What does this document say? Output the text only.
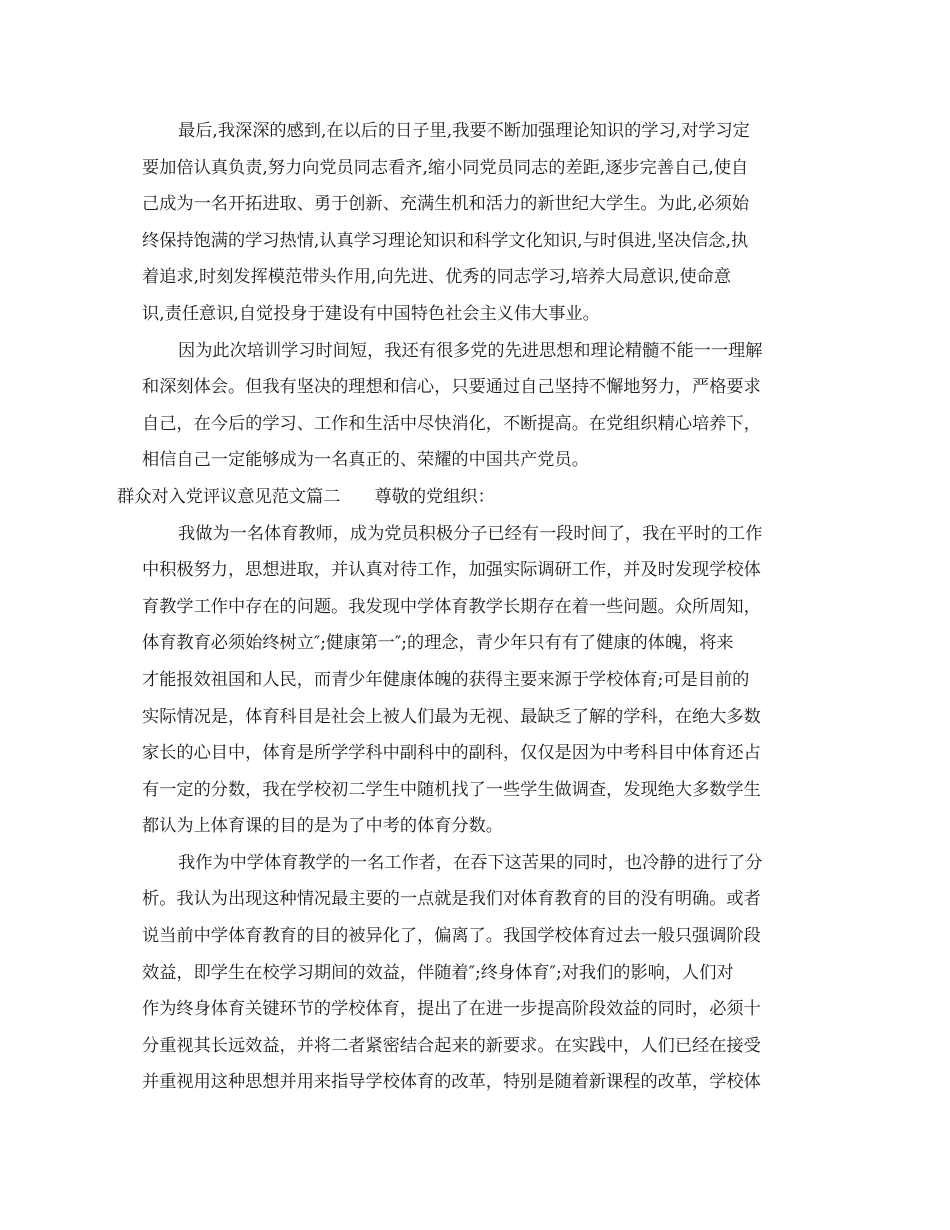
最后,我深深的感到,在以后的日子里,我要不断加强理论知识的学习,对学习定
要加倍认真负责,努力向党员同志看齐,缩小同党员同志的差距,逐步完善自己,使自
己成为一名开拓进取、勇于创新、充满生机和活力的新世纪大学生。为此,必须始
终保持饱满的学习热情,认真学习理论知识和科学文化知识,与时俱进,坚决信念,执
着追求,时刻发挥模范带头作用,向先进、优秀的同志学习,培养大局意识,使命意
识,责任意识,自觉投身于建设有中国特色社会主义伟大事业。
因为此次培训学习时间短，我还有很多党的先进思想和理论精髓不能一一理解
和深刻体会。但我有坚决的理想和信心，只要通过自己坚持不懈地努力，严格要求
自己，在今后的学习、工作和生活中尽快消化，不断提高。在党组织精心培养下，
相信自己一定能够成为一名真正的、荣耀的中国共产党员。
群众对入党评议意见范文篇二 尊敬的党组织：
我做为一名体育教师，成为党员积极分子已经有一段时间了，我在平时的工作
中积极努力，思想进取，并认真对待工作，加强实际调研工作，并及时发现学校体
育教学工作中存在的问题。我发现中学体育教学长期存在着一些问题。众所周知，
体育教育必须始终树立″;健康第一″;的理念，青少年只有有了健康的体魄，将来
才能报效祖国和人民，而青少年健康体魄的获得主要来源于学校体育;可是目前的
实际情况是，体育科目是社会上被人们最为无视、最缺乏了解的学科，在绝大多数
家长的心目中，体育是所学学科中副科中的副科，仅仅是因为中考科目中体育还占
有一定的分数，我在学校初二学生中随机找了一些学生做调查，发现绝大多数学生
都认为上体育课的目的是为了中考的体育分数。
我作为中学体育教学的一名工作者，在吞下这苦果的同时，也冷静的进行了分
析。我认为出现这种情况最主要的一点就是我们对体育教育的目的没有明确。或者
说当前中学体育教育的目的被异化了，偏离了。我国学校体育过去一般只强调阶段
效益，即学生在校学习期间的效益，伴随着″;终身体育″;对我们的影响，人们对
作为终身体育关键环节的学校体育，提出了在进一步提高阶段效益的同时，必须十
分重视其长远效益，并将二者紧密结合起来的新要求。在实践中，人们已经在接受
并重视用这种思想并用来指导学校体育的改革，特别是随着新课程的改革，学校体
